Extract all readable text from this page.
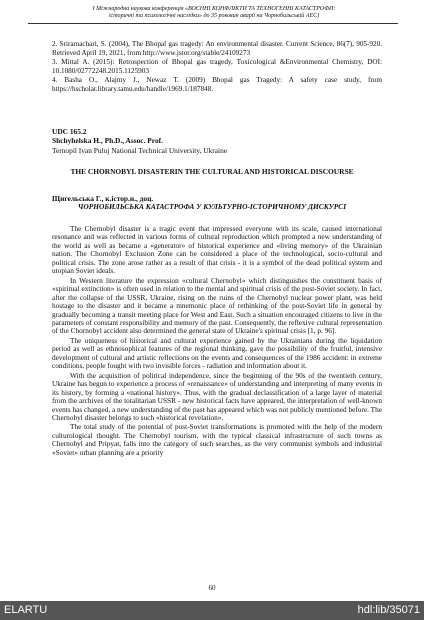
І Міжнародна наукова конференція «ВОЄННІ КОНФЛІКТИ ТА ТЕХНОГЕННІ КАТАСТРОФИ:
історичні та психологічні наслідки» до 35 роковин аварії на Чорнобильській АЕС)

2. Sriramachari, S. (2004), The Bhopal gas tragedy: An environmental disaster. Current Science, 86(7), 905-920. Retrieved April 19, 2021, from http://www.jstor.org/stable/24109273

3. Mittal A. (2015): Retrospection of Bhopal gas tragedy, Toxicological &Environmental Chemistry, DOI: 10.1080/02772248.2015.1125903

4. Basha O., Alajmy J., Newaz T. (2009) Bhopal gas Tragedy: A safety case study, from https://hscholar.library.tamu.edu/handle/1969.1/187848.

UDC 165.2
Shchyhelska H., Ph.D., Assoc. Prof.
Ternopil Ivan Puluj National Technical University, Ukraine
THE CHORNOBYL DISASTERIN THE CULTURAL AND HISTORICAL DISCOURSE
Щигельська Г., к.істор.н., доц.
ЧОРНОБИЛЬСЬКА КАТАСТРОФА У КУЛЬТУРНО-ІСТОРИЧНОМУ ДИСКУРСІ

The Chernobyl disaster is a tragic event that impressed everyone with its scale, caused international resonance and was reflected in various forms of cultural reproduction which prompted a new understanding of the world as well as became a «generator» of historical experience and «living memory» of the Ukrainian nation. The Chornobyl Exclusion Zone can be considered a place of the technological, socio-cultural and political crisis. The zone arose rather as a result of that crisis - it is a symbol of the dead political system and utopian Soviet ideals.

In Western literature the expression «cultural Chernobyl» which distinguishes the constituent basis of «spiritual extinction» is often used in relation to the mental and spiritual crisis of the post-Soviet society. In fact, after the collapse of the USSR, Ukraine, rising on the ruins of the Chernobyl nuclear power plant, was held hostage to the disaster and it became a mnemonic place of rethinking of the post-Soviet life in general by gradually becoming a transit meeting place for West and East. Such a situation encouraged citizens to live in the parameters of constant responsibility and memory of the past. Consequently, the reflexive cultural representation of the Chornobyl accident also determined the general state of Ukraine's spiritual crisis [1, p. 96].

The uniqueness of historical and cultural experience gained by the Ukrainians during the liquidation period as well as ethnosophical features of the regional thinking, gave the possibility of the fruitful, intensive development of cultural and artistic reflections on the events and consequences of the 1986 accident: in extreme conditions, people fought with two invisible forces - radiation and information about it.

With the acquisition of political independence, since the beginning of the 90s of the twentieth century, Ukraine has begun to experience a process of «renaissance» of understanding and interpreting of many events in its history, by forming a «national history». Thus, with the gradual declassification of a large layer of material from the archives of the totalitarian USSR - new historical facts have appeared, the interpretation of well-known events has changed, a new understanding of the past has appeared which was not publicly mentioned before. The Chernobyl disaster belongs to such «historical revelation».

The total study of the potential of post-Soviet transformations is promoted with the help of the modern culturological thought. The Chernobyl tourism, with the typical classical infrastructure of such towns as Chernobyl and Pripyat, falls into the category of such searches, as the very communist symbols and industrial «Soviet» urban planning are a priority

60
ELARTU	hdl:lib/35071
